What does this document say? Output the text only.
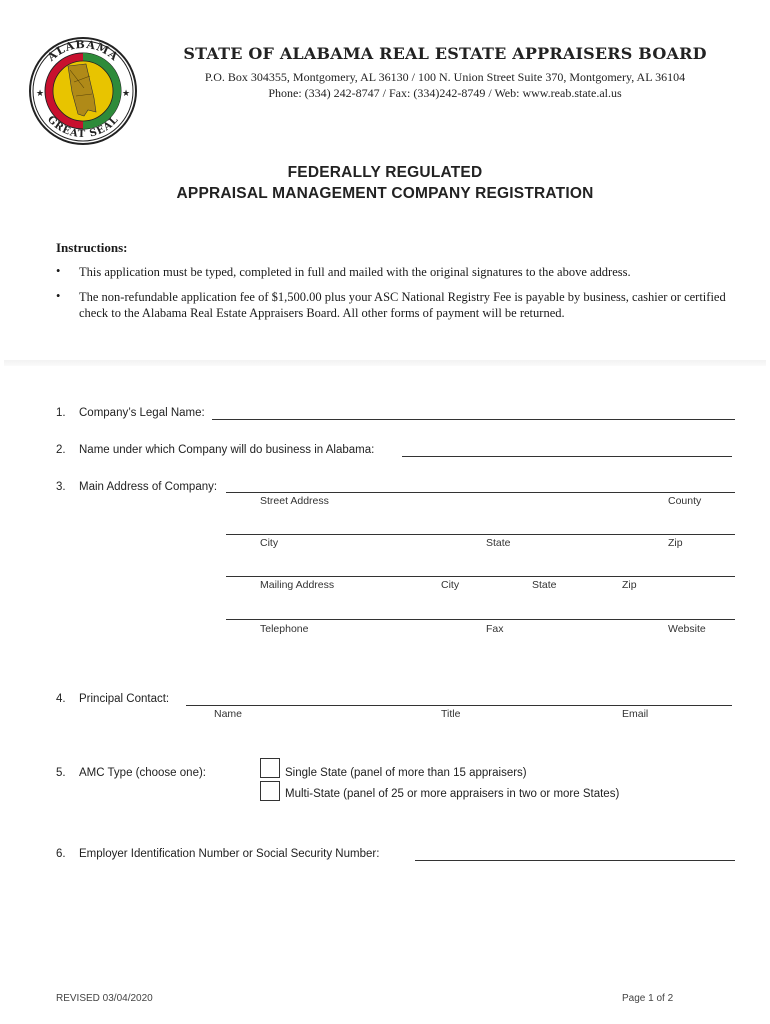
★	★
ALABAMA
GREAT SEAL
STATE OF ALABAMA REAL ESTATE APPRAISERS BOARD
P.O. Box 304355, Montgomery, AL 36130 / 100 N. Union Street Suite 370, Montgomery, AL 36104
Phone: (334) 242-8747 / Fax: (334)242-8749 / Web: www.reab.state.al.us
FEDERALLY REGULATED
APPRAISAL MANAGEMENT COMPANY REGISTRATION
Instructions:
• This application must be typed, completed in full and mailed with the original signatures to the above address.
• The non-refundable application fee of $1,500.00 plus your ASC National Registry Fee is payable by business, cashier or certified check to the Alabama Real Estate Appraisers Board. All other forms of payment will be returned.
1. Company’s Legal Name:
2. Name under which Company will do business in Alabama:
3. Main Address of Company:
Street Address	County
City	State	Zip
Mailing Address	City	State	Zip
Telephone	Fax	Website
4. Principal Contact:
Name	Title	Email
5. AMC Type (choose one):	Single State (panel of more than 15 appraisers)
Multi-State (panel of 25 or more appraisers in two or more States)
6. Employer Identification Number or Social Security Number:
REVISED 03/04/2020	Page 1 of 2
